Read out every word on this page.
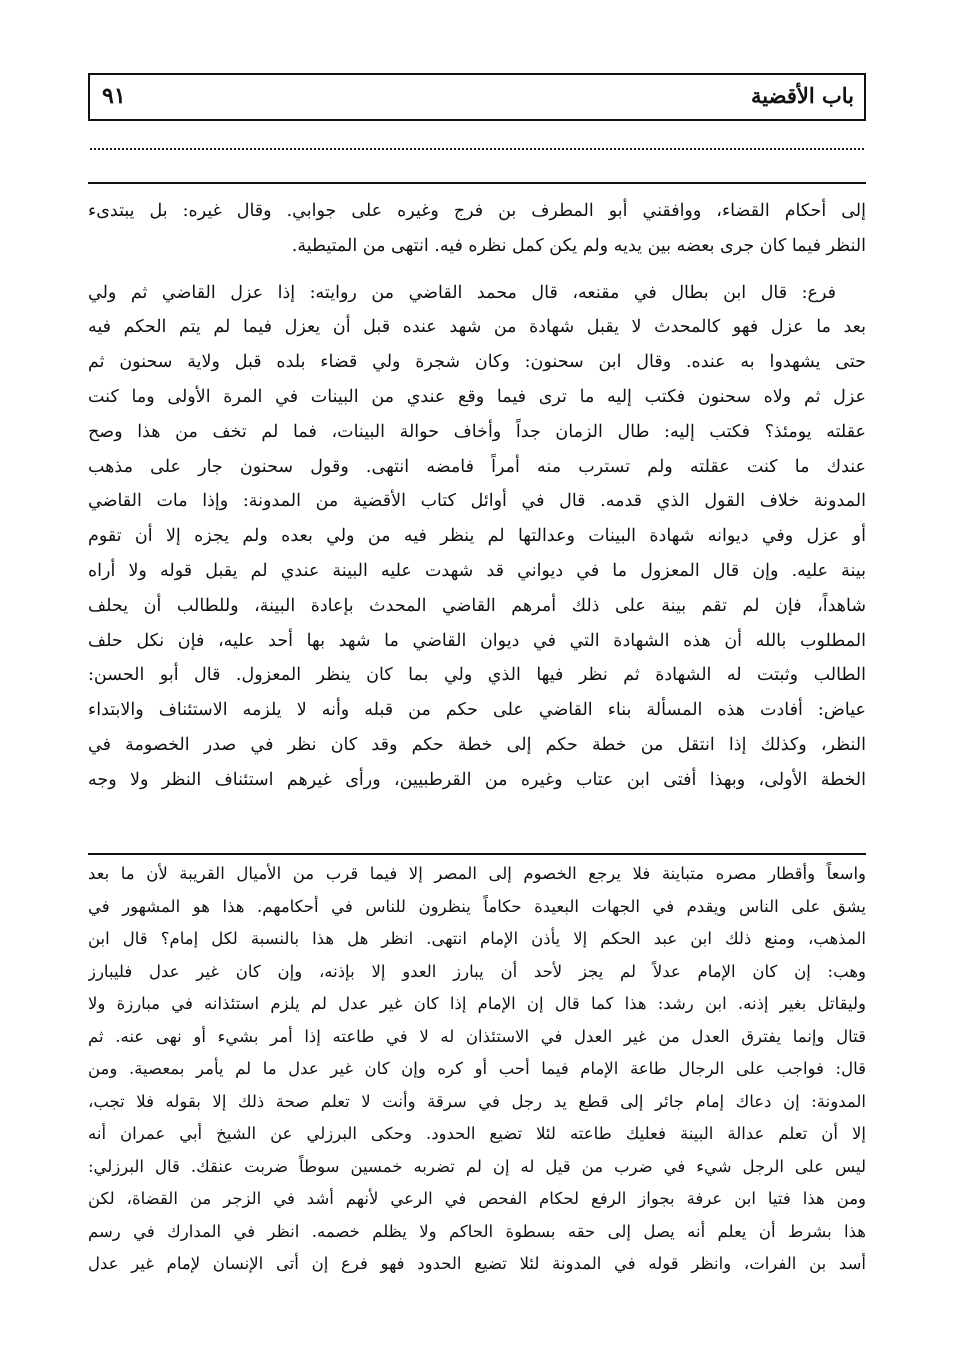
باب الأقضية
٩١
إلى أحكام القضاء، ووافقني أبو المطرف بن فرج وغيره على جوابي. وقال غيره: بل يبتدىء
النظر فيما كان جرى بعضه بين يديه ولم يكن كمل نظره فيه. انتهى من المتيطية.
فرع: قال ابن بطال في مقنعه، قال محمد القاضي من روايته: إذا عزل القاضي ثم ولي
بعد ما عزل فهو كالمحدث لا يقبل شهادة من شهد عنده قبل أن يعزل فيما لم يتم الحكم فيه
حتى يشهدوا به عنده. وقال ابن سحنون: وكان شجرة ولي قضاء بلده قبل ولاية سحنون ثم
عزل ثم ولاه سحنون فكتب إليه ما ترى فيما وقع عندي من البينات في المرة الأولى وما كنت
عقلته يومئذ؟ فكتب إليه: طال الزمان جداً وأخاف حوالة البينات، فما لم تخف من هذا وصح
عندك ما كنت عقلته ولم تسترب منه أمراً فامضه انتهى. وقول سحنون جار على مذهب
المدونة خلاف القول الذي قدمه. قال في أوائل كتاب الأقضية من المدونة: وإذا مات القاضي
أو عزل وفي ديوانه شهادة البينات وعدالتها لم ينظر فيه من ولي بعده ولم يجزه إلا أن تقوم
بينة عليه. وإن قال المعزول ما في ديواني قد شهدت عليه البينة عندي لم يقبل قوله ولا أراه
شاهداً، فإن لم تقم بينة على ذلك أمرهم القاضي المحدث بإعادة البينة، وللطالب أن يحلف
المطلوب بالله أن هذه الشهادة التي في ديوان القاضي ما شهد بها أحد عليه، فإن نكل حلف
الطالب وثبتت له الشهادة ثم نظر فيها الذي ولي بما كان ينظر المعزول. قال أبو الحسن:
عياض: أفادت هذه المسألة بناء القاضي على حكم من قبله وأنه لا يلزمه الاستئناف والابتداء
النظر، وكذلك إذا انتقل من خطة حكم إلى خطة حكم وقد كان نظر في صدر الخصومة في
الخطة الأولى، وبهذا أفتى ابن عتاب وغيره من القرطبيين، ورأى غيرهم استئناف النظر ولا وجه
واسعاً وأقطار مصره متباينة فلا يرجع الخصوم إلى المصر إلا فيما قرب من الأميال القريبة لأن ما بعد
يشق على الناس ويقدم في الجهات البعيدة حكاماً ينظرون للناس في أحكامهم. هذا هو المشهور في
المذهب، ومنع ذلك ابن عبد الحكم إلا يأذن الإمام انتهى. انظر هل هذا بالنسبة لكل إمام؟ قال ابن
وهب: إن كان الإمام عدلاً لم يجز لأحد أن يبارز العدو إلا بإذنه، وإن كان غير عدل فليبارز
وليقاتل بغير إذنه. ابن رشد: هذا كما قال إن الإمام إذا كان غير عدل لم يلزم استئذانه في مبارزة ولا
قتال وإنما يفترق العدل من غير العدل في الاستئذان له لا في طاعته إذا أمر بشيء أو نهى عنه. ثم
قال: فواجب على الرجال طاعة الإمام فيما أحب أو كره وإن كان غير عدل ما لم يأمر بمعصية. ومن
المدونة: إن دعاك إمام جائر إلى قطع يد رجل في سرقة وأنت لا تعلم صحة ذلك إلا بقوله فلا تجب،
إلا أن تعلم عدالة البينة فعليك طاعته لئلا تضيع الحدود. وحكى البرزلي عن الشيخ أبي عمران أنه
ليس على الرجل شيء في ضرب من قيل له إن لم تضربه خمسين سوطاً ضربت عنقك. قال البرزلي:
ومن هذا فتيا ابن عرفة بجواز الرفع لحكام الفحص في الرعي لأنهم أشد في الزجر من القضاة، لكن
هذا بشرط أن يعلم أنه يصل إلى حقه بسطوة الحاكم ولا يظلم خصمه. انظر في المدارك في رسم
أسد بن الفرات، وانظر قوله في المدونة لئلا تضيع الحدود فهو فرع إن أتى الإنسان لإمام غير عدل
